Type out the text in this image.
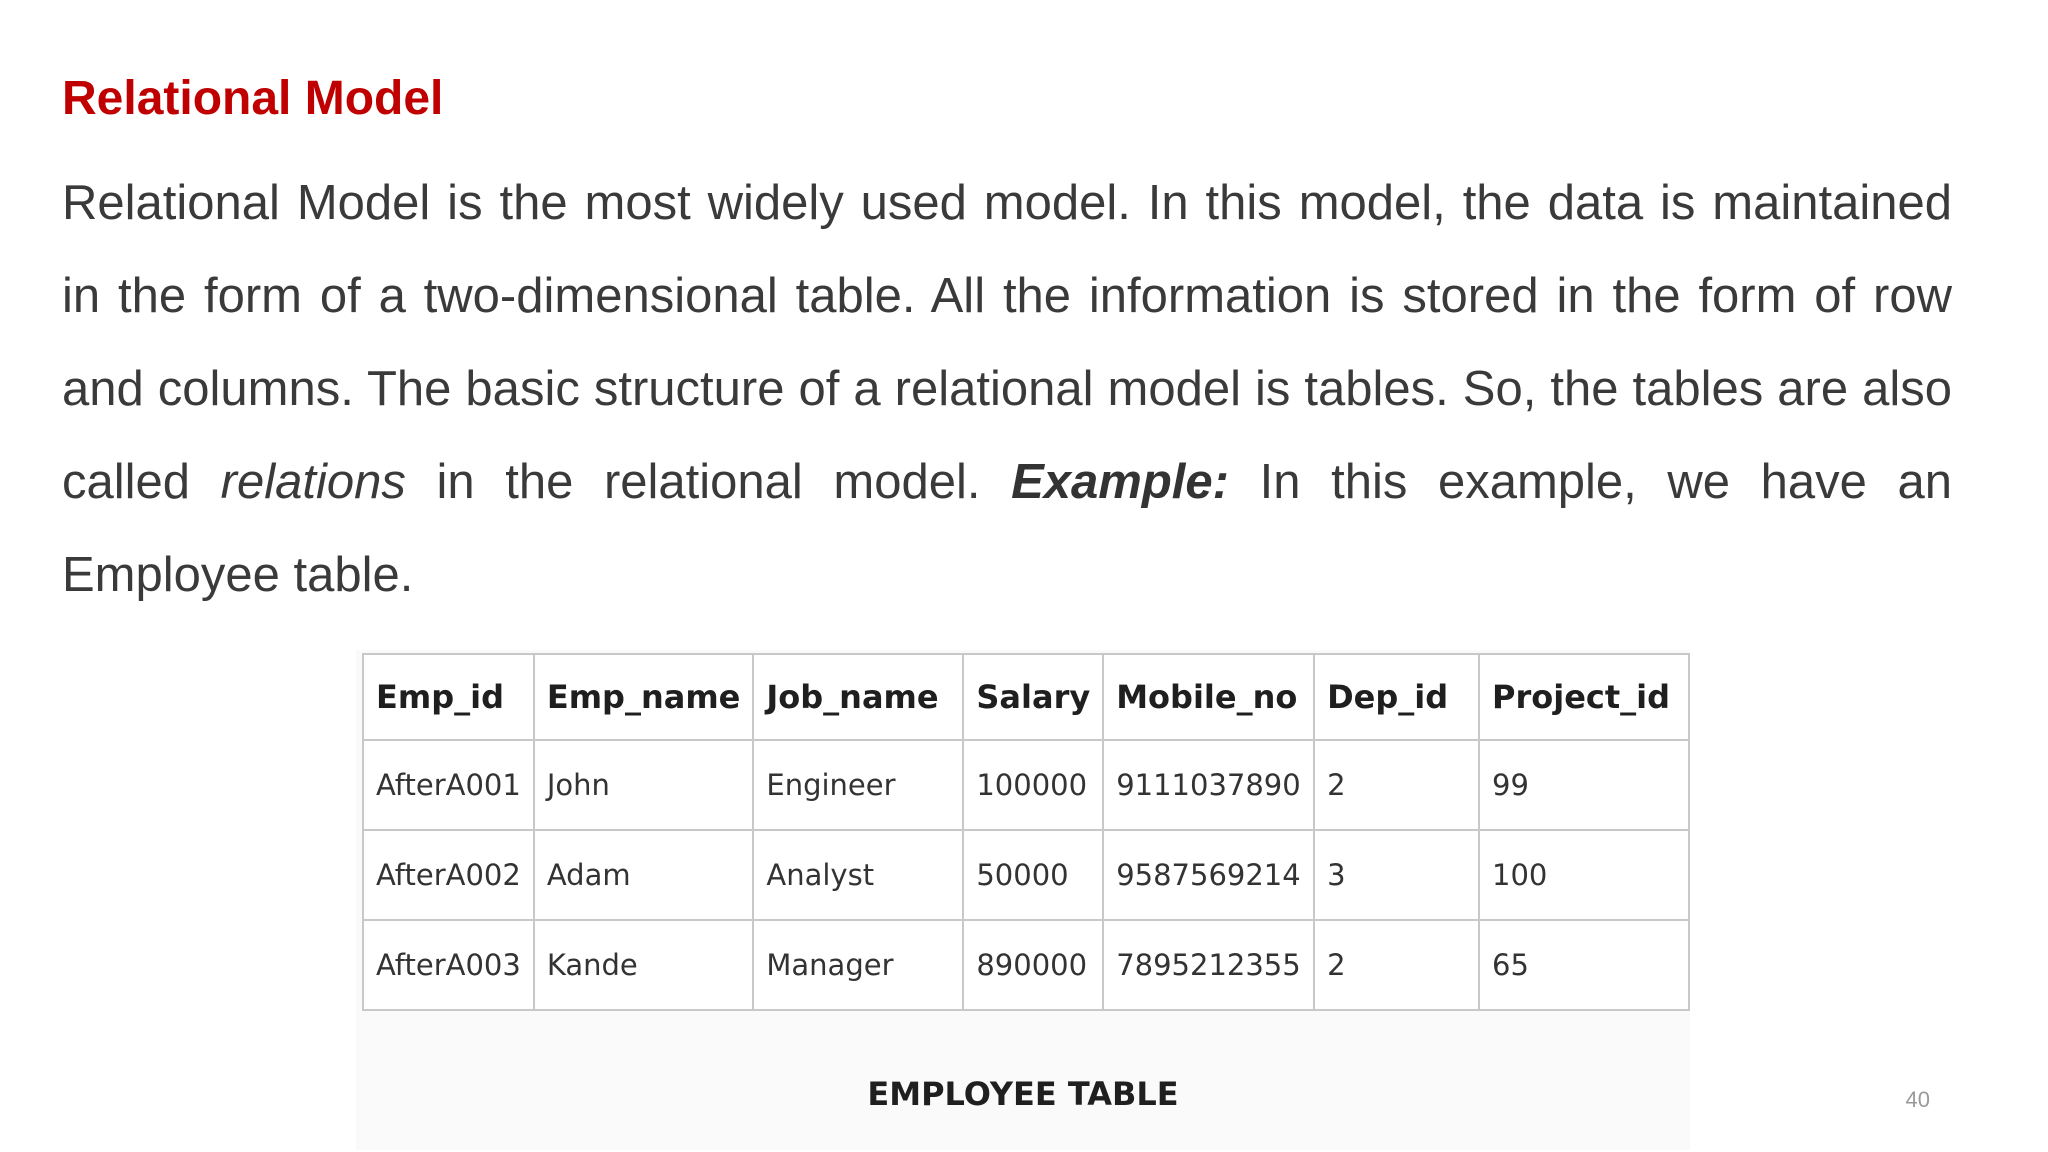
Relational Model

Relational Model is the most widely used model. In this model, the data is maintained in the form of a two-dimensional table. All the information is stored in the form of row and columns. The basic structure of a relational model is tables. So, the tables are also called relations in the relational model. Example: In this example, we have an Employee table.

Emp_id	Emp_name	Job_name	Salary	Mobile_no	Dep_id	Project_id
AfterA001	John	Engineer	100000	9111037890	2	99
AfterA002	Adam	Analyst	50000	9587569214	3	100
AfterA003	Kande	Manager	890000	7895212355	2	65
EMPLOYEE TABLE	40
